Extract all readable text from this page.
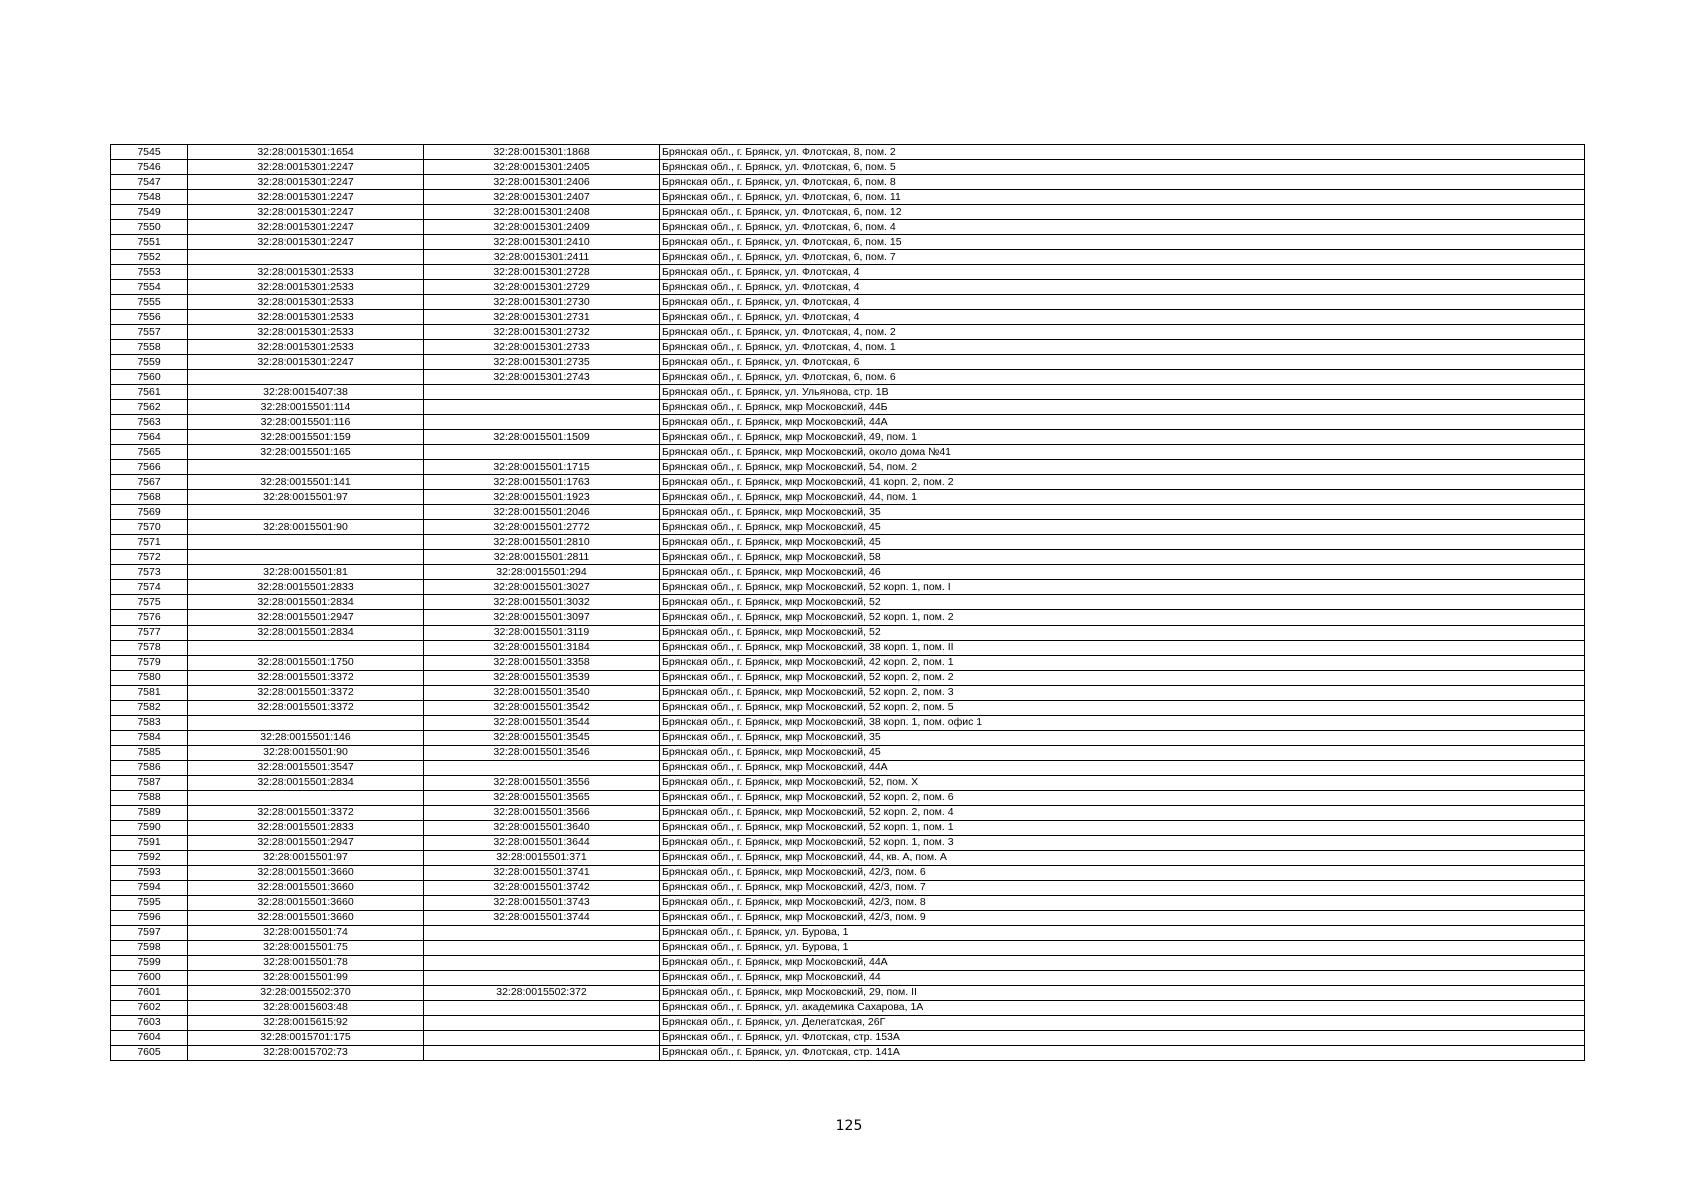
7545	32:28:0015301:1654	32:28:0015301:1868	Брянская обл., г. Брянск, ул. Флотская, 8, пом. 2
7546	32:28:0015301:2247	32:28:0015301:2405	Брянская обл., г. Брянск, ул. Флотская, 6, пом. 5
7547	32:28:0015301:2247	32:28:0015301:2406	Брянская обл., г. Брянск, ул. Флотская, 6, пом. 8
7548	32:28:0015301:2247	32:28:0015301:2407	Брянская обл., г. Брянск, ул. Флотская, 6, пом. 11
7549	32:28:0015301:2247	32:28:0015301:2408	Брянская обл., г. Брянск, ул. Флотская, 6, пом. 12
7550	32:28:0015301:2247	32:28:0015301:2409	Брянская обл., г. Брянск, ул. Флотская, 6, пом. 4
7551	32:28:0015301:2247	32:28:0015301:2410	Брянская обл., г. Брянск, ул. Флотская, 6, пом. 15
7552		32:28:0015301:2411	Брянская обл., г. Брянск, ул. Флотская, 6, пом. 7
7553	32:28:0015301:2533	32:28:0015301:2728	Брянская обл., г. Брянск, ул. Флотская, 4
7554	32:28:0015301:2533	32:28:0015301:2729	Брянская обл., г. Брянск, ул. Флотская, 4
7555	32:28:0015301:2533	32:28:0015301:2730	Брянская обл., г. Брянск, ул. Флотская, 4
7556	32:28:0015301:2533	32:28:0015301:2731	Брянская обл., г. Брянск, ул. Флотская, 4
7557	32:28:0015301:2533	32:28:0015301:2732	Брянская обл., г. Брянск, ул. Флотская, 4, пом. 2
7558	32:28:0015301:2533	32:28:0015301:2733	Брянская обл., г. Брянск, ул. Флотская, 4, пом. 1
7559	32:28:0015301:2247	32:28:0015301:2735	Брянская обл., г. Брянск, ул. Флотская, 6
7560		32:28:0015301:2743	Брянская обл., г. Брянск, ул. Флотская, 6, пом. 6
7561	32:28:0015407:38		Брянская обл., г. Брянск, ул. Ульянова, стр. 1В
7562	32:28:0015501:114		Брянская обл., г. Брянск, мкр Московский, 44Б
7563	32:28:0015501:116		Брянская обл., г. Брянск, мкр Московский, 44А
7564	32:28:0015501:159	32:28:0015501:1509	Брянская обл., г. Брянск, мкр Московский, 49, пом. 1
7565	32:28:0015501:165		Брянская обл., г. Брянск, мкр Московский, около дома №41
7566		32:28:0015501:1715	Брянская обл., г. Брянск, мкр Московский, 54, пом. 2
7567	32:28:0015501:141	32:28:0015501:1763	Брянская обл., г. Брянск, мкр Московский, 41 корп. 2, пом. 2
7568	32:28:0015501:97	32:28:0015501:1923	Брянская обл., г. Брянск, мкр Московский, 44, пом. 1
7569		32:28:0015501:2046	Брянская обл., г. Брянск, мкр Московский, 35
7570	32:28:0015501:90	32:28:0015501:2772	Брянская обл., г. Брянск, мкр Московский, 45
7571		32:28:0015501:2810	Брянская обл., г. Брянск, мкр Московский, 45
7572		32:28:0015501:2811	Брянская обл., г. Брянск, мкр Московский, 58
7573	32:28:0015501:81	32:28:0015501:294	Брянская обл., г. Брянск, мкр Московский, 46
7574	32:28:0015501:2833	32:28:0015501:3027	Брянская обл., г. Брянск, мкр Московский, 52 корп. 1, пом. I
7575	32:28:0015501:2834	32:28:0015501:3032	Брянская обл., г. Брянск, мкр Московский, 52
7576	32:28:0015501:2947	32:28:0015501:3097	Брянская обл., г. Брянск, мкр Московский, 52 корп. 1, пом. 2
7577	32:28:0015501:2834	32:28:0015501:3119	Брянская обл., г. Брянск, мкр Московский, 52
7578		32:28:0015501:3184	Брянская обл., г. Брянск, мкр Московский, 38 корп. 1, пом. II
7579	32:28:0015501:1750	32:28:0015501:3358	Брянская обл., г. Брянск, мкр Московский, 42 корп. 2, пом. 1
7580	32:28:0015501:3372	32:28:0015501:3539	Брянская обл., г. Брянск, мкр Московский, 52 корп. 2, пом. 2
7581	32:28:0015501:3372	32:28:0015501:3540	Брянская обл., г. Брянск, мкр Московский, 52 корп. 2, пом. 3
7582	32:28:0015501:3372	32:28:0015501:3542	Брянская обл., г. Брянск, мкр Московский, 52 корп. 2, пом. 5
7583		32:28:0015501:3544	Брянская обл., г. Брянск, мкр Московский, 38 корп. 1, пом. офис 1
7584	32:28:0015501:146	32:28:0015501:3545	Брянская обл., г. Брянск, мкр Московский, 35
7585	32:28:0015501:90	32:28:0015501:3546	Брянская обл., г. Брянск, мкр Московский, 45
7586	32:28:0015501:3547		Брянская обл., г. Брянск, мкр Московский, 44А
7587	32:28:0015501:2834	32:28:0015501:3556	Брянская обл., г. Брянск, мкр Московский, 52, пом. X
7588		32:28:0015501:3565	Брянская обл., г. Брянск, мкр Московский, 52 корп. 2, пом. 6
7589	32:28:0015501:3372	32:28:0015501:3566	Брянская обл., г. Брянск, мкр Московский, 52 корп. 2, пом. 4
7590	32:28:0015501:2833	32:28:0015501:3640	Брянская обл., г. Брянск, мкр Московский, 52 корп. 1, пом. 1
7591	32:28:0015501:2947	32:28:0015501:3644	Брянская обл., г. Брянск, мкр Московский, 52 корп. 1, пом. 3
7592	32:28:0015501:97	32:28:0015501:371	Брянская обл., г. Брянск, мкр Московский, 44, кв. А, пом. А
7593	32:28:0015501:3660	32:28:0015501:3741	Брянская обл., г. Брянск, мкр Московский, 42/3, пом. 6
7594	32:28:0015501:3660	32:28:0015501:3742	Брянская обл., г. Брянск, мкр Московский, 42/3, пом. 7
7595	32:28:0015501:3660	32:28:0015501:3743	Брянская обл., г. Брянск, мкр Московский, 42/3, пом. 8
7596	32:28:0015501:3660	32:28:0015501:3744	Брянская обл., г. Брянск, мкр Московский, 42/3, пом. 9
7597	32:28:0015501:74		Брянская обл., г. Брянск, ул. Бурова, 1
7598	32:28:0015501:75		Брянская обл., г. Брянск, ул. Бурова, 1
7599	32:28:0015501:78		Брянская обл., г. Брянск, мкр Московский, 44А
7600	32:28:0015501:99		Брянская обл., г. Брянск, мкр Московский, 44
7601	32:28:0015502:370	32:28:0015502:372	Брянская обл., г. Брянск, мкр Московский, 29, пом. II
7602	32:28:0015603:48		Брянская обл., г. Брянск, ул. академика Сахарова, 1А
7603	32:28:0015615:92		Брянская обл., г. Брянск, ул. Делегатская, 26Г
7604	32:28:0015701:175		Брянская обл., г. Брянск, ул. Флотская, стр. 153А
7605	32:28:0015702:73		Брянская обл., г. Брянск, ул. Флотская, стр. 141А
125
